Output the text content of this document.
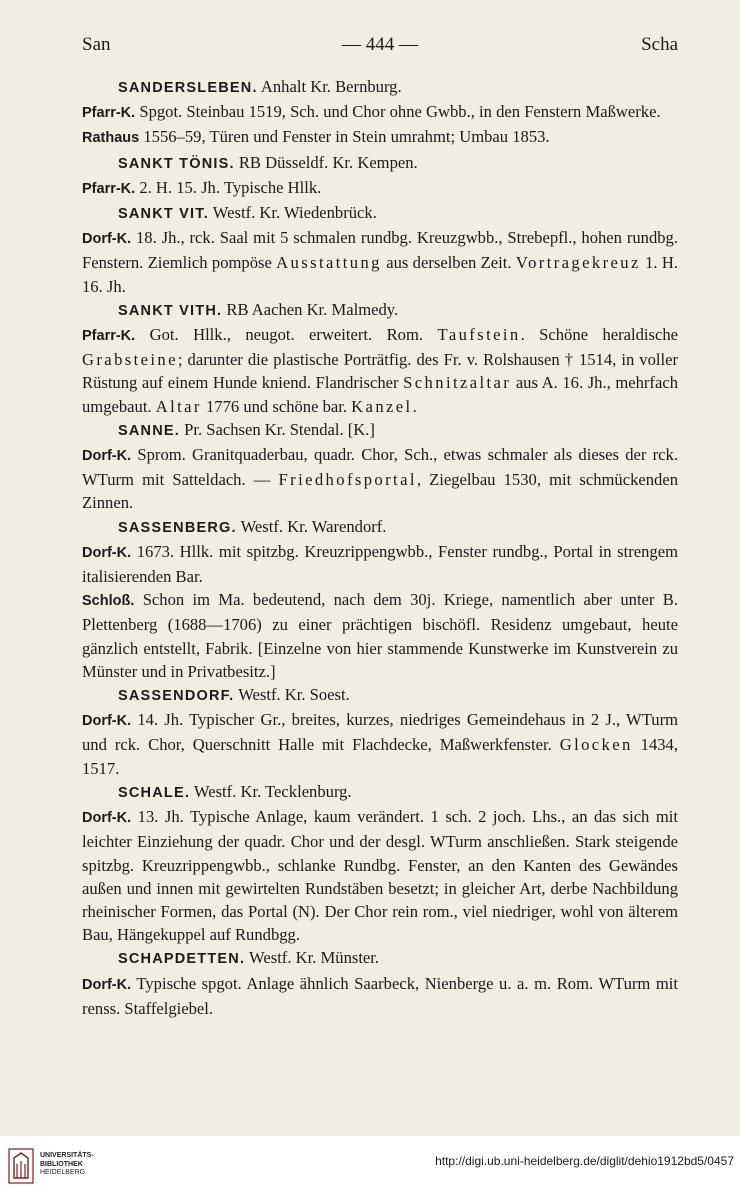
San	— 444 —	Scha

SANDERSLEBEN. Anhalt Kr. Bernburg.

Pfarr-K. Spgot. Steinbau 1519, Sch. und Chor ohne Gwbb., in den Fenstern Maßwerke.

Rathaus 1556–59, Türen und Fenster in Stein umrahmt; Umbau 1853.

SANKT TÖNIS. RB Düsseldf. Kr. Kempen.

Pfarr-K. 2. H. 15. Jh. Typische Hllk.

SANKT VIT. Westf. Kr. Wiedenbrück.

Dorf-K. 18. Jh., rck. Saal mit 5 schmalen rundbg. Kreuzgwbb., Strebepfl., hohen rundbg. Fenstern. Ziemlich pompöse Ausstattung aus derselben Zeit. Vortragekreuz 1. H. 16. Jh.

SANKT VITH. RB Aachen Kr. Malmedy.

Pfarr-K. Got. Hllk., neugot. erweitert. Rom. Taufstein. Schöne heraldische Grabsteine; darunter die plastische Porträtfig. des Fr. v. Rolshausen † 1514, in voller Rüstung auf einem Hunde kniend. Flandrischer Schnitzaltar aus A. 16. Jh., mehrfach umgebaut. Altar 1776 und schöne bar. Kanzel.

SANNE. Pr. Sachsen Kr. Stendal. [K.]

Dorf-K. Sprom. Granitquaderbau, quadr. Chor, Sch., etwas schmaler als dieses der rck. WTurm mit Satteldach. — Friedhofsportal, Ziegelbau 1530, mit schmückenden Zinnen.

SASSENBERG. Westf. Kr. Warendorf.

Dorf-K. 1673. Hllk. mit spitzbg. Kreuzrippengwbb., Fenster rundbg., Portal in strengem italisierenden Bar.

Schloß. Schon im Ma. bedeutend, nach dem 30j. Kriege, namentlich aber unter B. Plettenberg (1688—1706) zu einer prächtigen bischöfl. Residenz umgebaut, heute gänzlich entstellt, Fabrik. [Einzelne von hier stammende Kunstwerke im Kunstverein zu Münster und in Privatbesitz.]

SASSENDORF. Westf. Kr. Soest.

Dorf-K. 14. Jh. Typischer Gr., breites, kurzes, niedriges Gemeindehaus in 2 J., WTurm und rck. Chor, Querschnitt Halle mit Flachdecke, Maßwerkfenster. Glocken 1434, 1517.

SCHALE. Westf. Kr. Tecklenburg.

Dorf-K. 13. Jh. Typische Anlage, kaum verändert. 1 sch. 2 joch. Lhs., an das sich mit leichter Einziehung der quadr. Chor und der desgl. WTurm anschließen. Stark steigende spitzbg. Kreuzrippengwbb., schlanke Rundbg. Fenster, an den Kanten des Gewändes außen und innen mit gewirtelten Rundstäben besetzt; in gleicher Art, derbe Nachbildung rheinischer Formen, das Portal (N). Der Chor rein rom., viel niedriger, wohl von älterem Bau, Hängekuppel auf Rundbgg.

SCHAPDETTEN. Westf. Kr. Münster.

Dorf-K. Typische spgot. Anlage ähnlich Saarbeck, Nienberge u. a. m. Rom. WTurm mit renss. Staffelgiebel.

UNIVERSITÄTS-
BIBLIOTHEK
HEIDELBERG
http://digi.ub.uni-heidelberg.de/diglit/dehio1912bd5/0457
